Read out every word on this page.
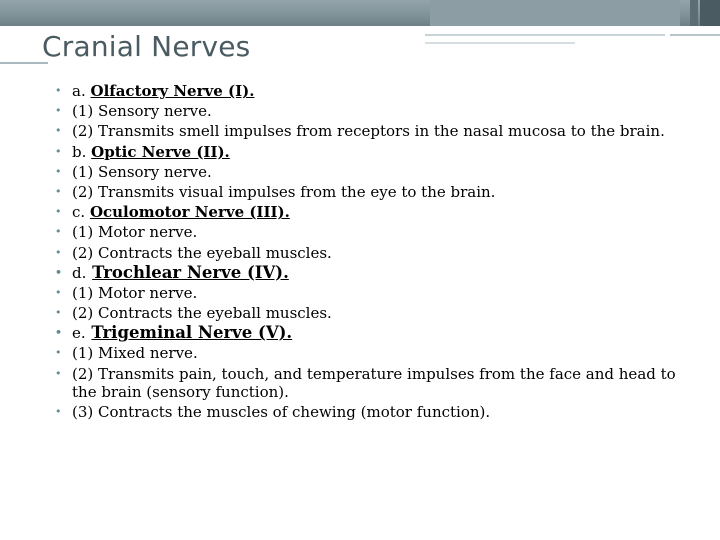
Cranial Nerves
• a. Olfactory Nerve (I).
• (1) Sensory nerve.
• (2) Transmits smell impulses from receptors in the nasal mucosa to the brain.
• b. Optic Nerve (II).
• (1) Sensory nerve.
• (2) Transmits visual impulses from the eye to the brain.
• c. Oculomotor Nerve (III).
• (1) Motor nerve.
• (2) Contracts the eyeball muscles.
• d. Trochlear Nerve (IV).
• (1) Motor nerve.
• (2) Contracts the eyeball muscles.
• e. Trigeminal Nerve (V).
• (1) Mixed nerve.
• (2) Transmits pain, touch, and temperature impulses from the face and head to the brain (sensory function).
• (3) Contracts the muscles of chewing (motor function).
